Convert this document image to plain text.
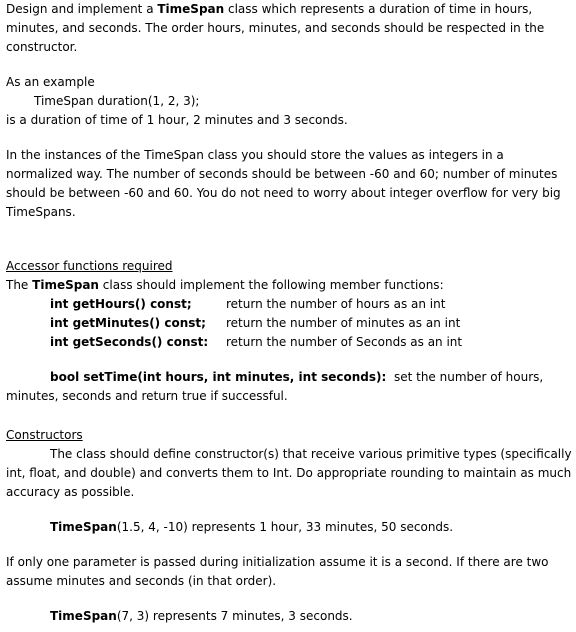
Design and implement a TimeSpan class which represents a duration of time in hours, minutes, and seconds. The order hours, minutes, and seconds should be respected in the constructor.

As an example

TimeSpan duration(1, 2, 3);

is a duration of time of 1 hour, 2 minutes and 3 seconds.

In the instances of the TimeSpan class you should store the values as integers in a normalized way. The number of seconds should be between -60 and 60; number of minutes should be between -60 and 60. You do not need to worry about integer overflow for very big TimeSpans.

Accessor functions required

The TimeSpan class should implement the following member functions:

int getHours() const;	return the number of hours as an int
int getMinutes() const;	return the number of minutes as an int
int getSeconds() const:	return the number of Seconds as an int

bool setTime(int hours, int minutes, int seconds): set the number of hours, minutes, seconds and return true if successful.

Constructors

The class should define constructor(s) that receive various primitive types (specifically int, float, and double) and converts them to Int. Do appropriate rounding to maintain as much accuracy as possible.

TimeSpan(1.5, 4, -10) represents 1 hour, 33 minutes, 50 seconds.

If only one parameter is passed during initialization assume it is a second. If there are two assume minutes and seconds (in that order).

TimeSpan(7, 3) represents 7 minutes, 3 seconds.
